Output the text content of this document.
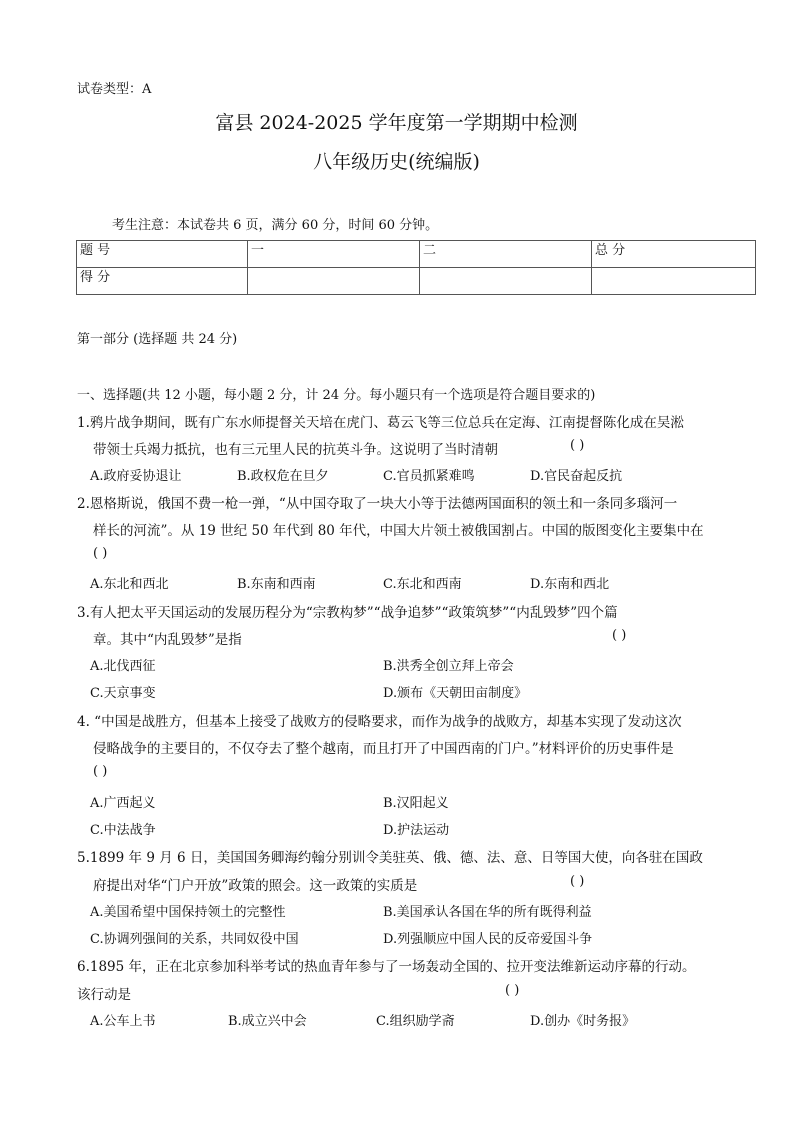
试卷类型：A
富县 2024-2025 学年度第一学期期中检测
八年级历史(统编版)
考生注意：本试卷共 6 页，满分 60 分，时间 60 分钟。
题 号	一	二	总 分
得 分			
第一部分 (选择题 共 24 分)
一、选择题(共 12 小题，每小题 2 分，计 24 分。每小题只有一个选项是符合题目要求的)
1.鸦片战争期间，既有广东水师提督关天培在虎门、葛云飞等三位总兵在定海、江南提督陈化成在吴淞
带领士兵竭力抵抗，也有三元里人民的抗英斗争。这说明了当时清朝	( )
A.政府妥协退让	B.政权危在旦夕	C.官员抓紧难鸣	D.官民奋起反抗
2.恩格斯说，俄国不费一枪一弹，“从中国夺取了一块大小等于法德两国面积的领土和一条同多瑙河一
样长的河流”。从 19 世纪 50 年代到 80 年代，中国大片领土被俄国割占。中国的版图变化主要集中在
( )
A.东北和西北	B.东南和西南	C.东北和西南	D.东南和西北
3.有人把太平天国运动的发展历程分为“宗教构梦”“战争追梦”“政策筑梦”“内乱毁梦”四个篇
章。其中“内乱毁梦”是指	( )
A.北伐西征	B.洪秀全创立拜上帝会
C.天京事变	D.颁布《天朝田亩制度》
4. “中国是战胜方，但基本上接受了战败方的侵略要求，而作为战争的战败方，却基本实现了发动这次
侵略战争的主要目的，不仅夺去了整个越南，而且打开了中国西南的门户。”材料评价的历史事件是
( )
A.广西起义	B.汉阳起义
C.中法战争	D.护法运动
5.1899 年 9 月 6 日，美国国务卿海约翰分别训令美驻英、俄、德、法、意、日等国大使，向各驻在国政
府提出对华“门户开放”政策的照会。这一政策的实质是	( )
A.美国希望中国保持领土的完整性	B.美国承认各国在华的所有既得利益
C.协调列强间的关系，共同奴役中国	D.列强顺应中国人民的反帝爱国斗争
6.1895 年，正在北京参加科举考试的热血青年参与了一场轰动全国的、拉开变法维新运动序幕的行动。
该行动是	( )
A.公车上书	B.成立兴中会	C.组织励学斋	D.创办《时务报》
